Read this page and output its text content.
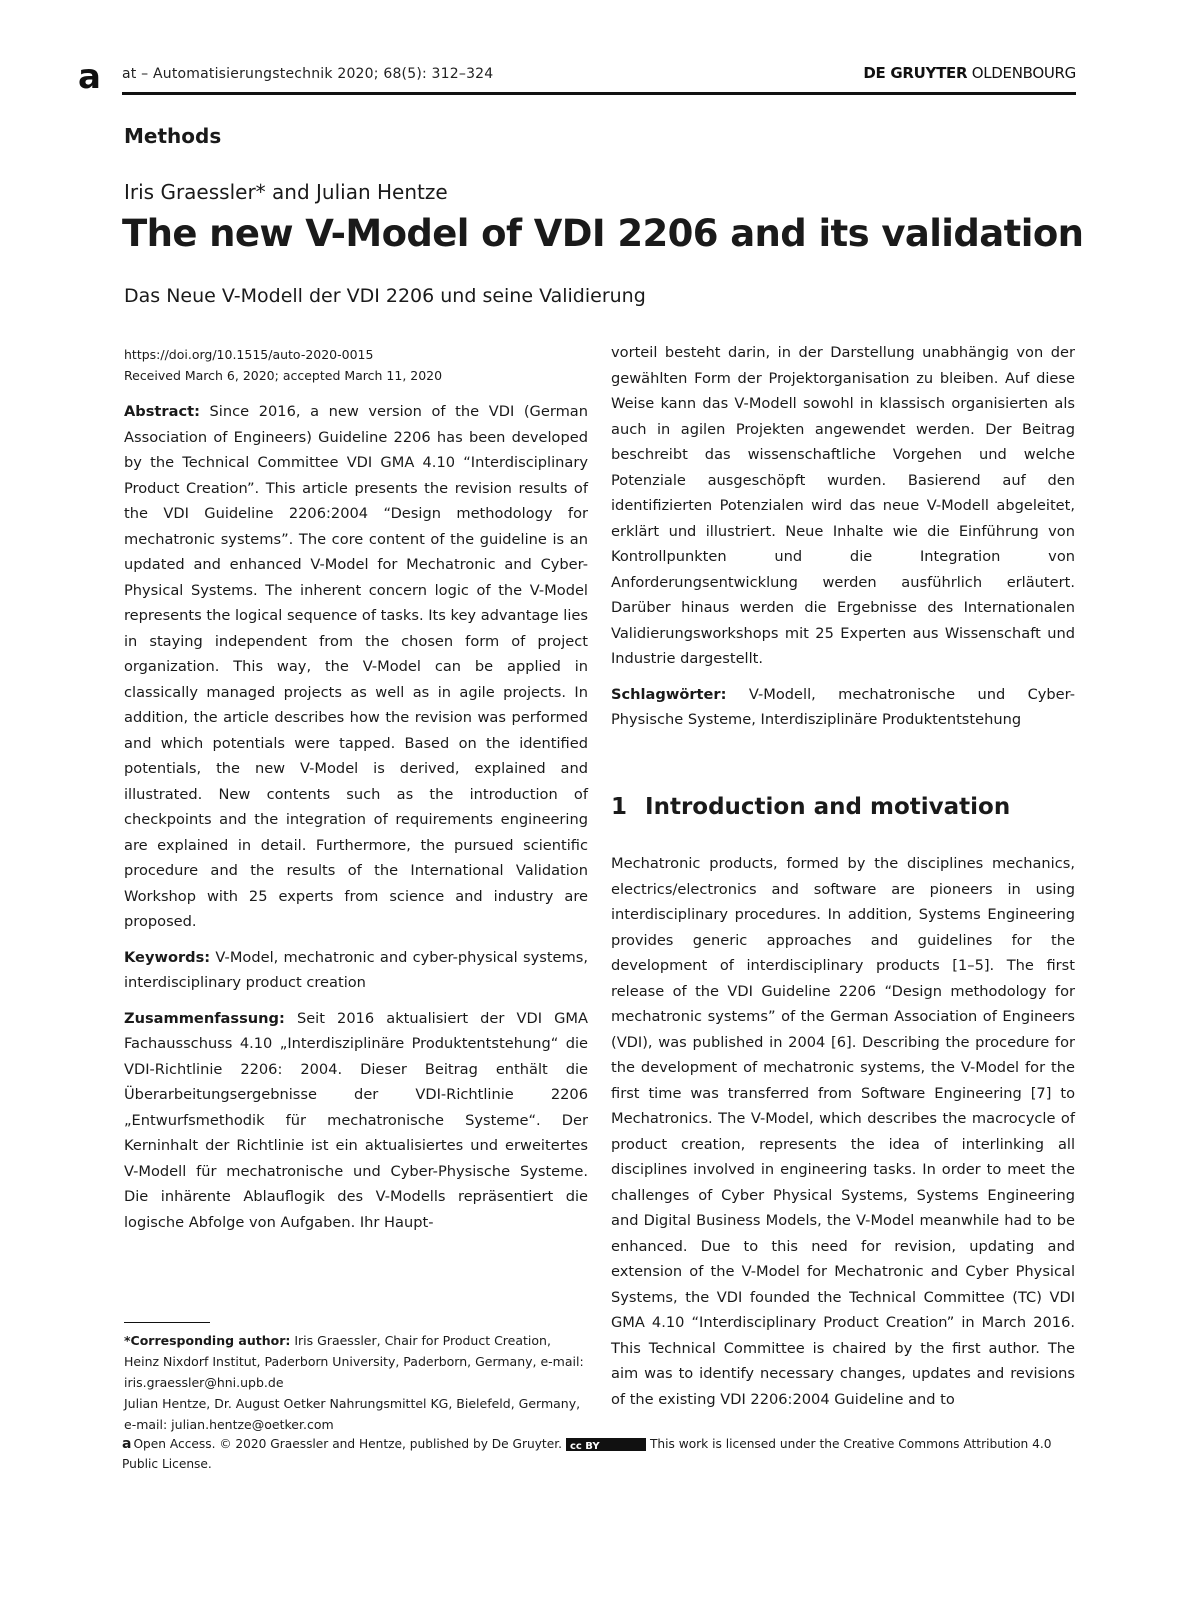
a at – Automatisierungstechnik 2020; 68(5): 312–324	DE GRUYTER OLDENBOURG
Methods
Iris Graessler* and Julian Hentze
The new V-Model of VDI 2206 and its validation
Das Neue V-Modell der VDI 2206 und seine Validierung
https://doi.org/10.1515/auto-2020-0015
Received March 6, 2020; accepted March 11, 2020

Abstract: Since 2016, a new version of the VDI (German Association of Engineers) Guideline 2206 has been developed by the Technical Committee VDI GMA 4.10 “Interdisciplinary Product Creation”. This article presents the revision results of the VDI Guideline 2206:2004 “Design methodology for mechatronic systems”. The core content of the guideline is an updated and enhanced V-Model for Mechatronic and Cyber-Physical Systems. The inherent concern logic of the V-Model represents the logical sequence of tasks. Its key advantage lies in staying independent from the chosen form of project organization. This way, the V-Model can be applied in classically managed projects as well as in agile projects. In addition, the article describes how the revision was performed and which potentials were tapped. Based on the identified potentials, the new V-Model is derived, explained and illustrated. New contents such as the introduction of checkpoints and the integration of requirements engineering are explained in detail. Furthermore, the pursued scientific procedure and the results of the International Validation Workshop with 25 experts from science and industry are proposed.

Keywords: V-Model, mechatronic and cyber-physical systems, interdisciplinary product creation

Zusammenfassung: Seit 2016 aktualisiert der VDI GMA Fachausschuss 4.10 „Interdisziplinäre Produktentstehung“ die VDI-Richtlinie 2206: 2004. Dieser Beitrag enthält die Überarbeitungsergebnisse der VDI-Richtlinie 2206 „Entwurfsmethodik für mechatronische Systeme“. Der Kerninhalt der Richtlinie ist ein aktualisiertes und erweitertes V-Modell für mechatronische und Cyber-Physische Systeme. Die inhärente Ablauflogik des V-Modells repräsentiert die logische Abfolge von Aufgaben. Ihr Haupt-

vorteil besteht darin, in der Darstellung unabhängig von der gewählten Form der Projektorganisation zu bleiben. Auf diese Weise kann das V-Modell sowohl in klassisch organisierten als auch in agilen Projekten angewendet werden. Der Beitrag beschreibt das wissenschaftliche Vorgehen und welche Potenziale ausgeschöpft wurden. Basierend auf den identifizierten Potenzialen wird das neue V-Modell abgeleitet, erklärt und illustriert. Neue Inhalte wie die Einführung von Kontrollpunkten und die Integration von Anforderungsentwicklung werden ausführlich erläutert. Darüber hinaus werden die Ergebnisse des Internationalen Validierungsworkshops mit 25 Experten aus Wissenschaft und Industrie dargestellt.

Schlagwörter: V-Modell, mechatronische und Cyber-Physische Systeme, Interdisziplinäre Produktentstehung

1 Introduction and motivation

Mechatronic products, formed by the disciplines mechanics, electrics/electronics and software are pioneers in using interdisciplinary procedures. In addition, Systems Engineering provides generic approaches and guidelines for the development of interdisciplinary products [1–5]. The first release of the VDI Guideline 2206 “Design methodology for mechatronic systems” of the German Association of Engineers (VDI), was published in 2004 [6]. Describing the procedure for the development of mechatronic systems, the V-Model for the first time was transferred from Software Engineering [7] to Mechatronics. The V-Model, which describes the macrocycle of product creation, represents the idea of interlinking all disciplines involved in engineering tasks. In order to meet the challenges of Cyber Physical Systems, Systems Engineering and Digital Business Models, the V-Model meanwhile had to be enhanced. Due to this need for revision, updating and extension of the V-Model for Mechatronic and Cyber Physical Systems, the VDI founded the Technical Committee (TC) VDI GMA 4.10 “Interdisciplinary Product Creation” in March 2016. This Technical Committee is chaired by the first author. The aim was to identify necessary changes, updates and revisions of the existing VDI 2206:2004 Guideline and to

*Corresponding author: Iris Graessler, Chair for Product Creation, Heinz Nixdorf Institut, Paderborn University, Paderborn, Germany, e-mail: iris.graessler@hni.upb.de
Julian Hentze, Dr. August Oetker Nahrungsmittel KG, Bielefeld, Germany, e-mail: julian.hentze@oetker.com
a Open Access. © 2020 Graessler and Hentze, published by De Gruyter. cc BY	This work is licensed under the Creative Commons Attribution 4.0 Public License.
